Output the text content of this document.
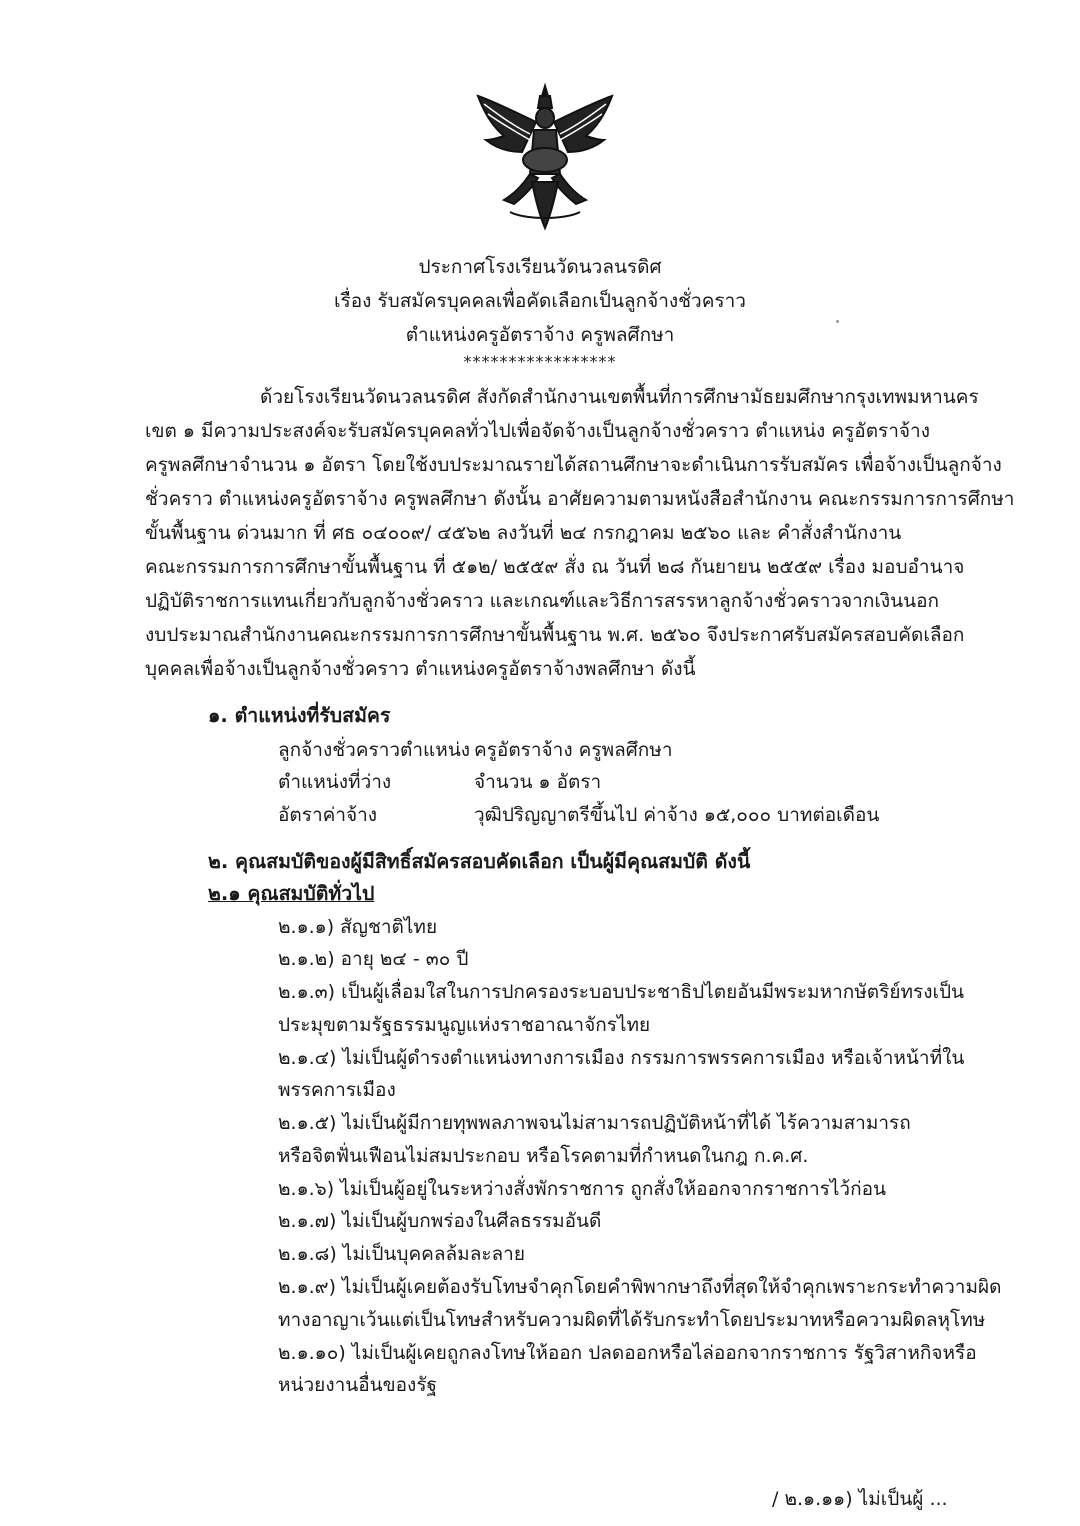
ประกาศโรงเรียนวัดนวลนรดิศ
เรื่อง รับสมัครบุคคลเพื่อคัดเลือกเป็นลูกจ้างชั่วคราว
ตำแหน่งครูอัตราจ้าง ครูพลศึกษา
*****************
ด้วยโรงเรียนวัดนวลนรดิศ สังกัดสำนักงานเขตพื้นที่การศึกษามัธยมศึกษากรุงเทพมหานคร
เขต ๑ มีความประสงค์จะรับสมัครบุคคลทั่วไปเพื่อจัดจ้างเป็นลูกจ้างชั่วคราว ตำแหน่ง ครูอัตราจ้าง
ครูพลศึกษาจำนวน ๑ อัตรา โดยใช้งบประมาณรายได้สถานศึกษาจะดำเนินการรับสมัคร เพื่อจ้างเป็นลูกจ้าง
ชั่วคราว ตำแหน่งครูอัตราจ้าง ครูพลศึกษา ดังนั้น อาศัยความตามหนังสือสำนักงาน คณะกรรมการการศึกษา
ขั้นพื้นฐาน ด่วนมาก ที่ ศธ ๐๔๐๐๙/ ๔๕๖๒ ลงวันที่ ๒๔ กรกฎาคม ๒๕๖๐ และ คำสั่งสำนักงาน
คณะกรรมการการศึกษาขั้นพื้นฐาน ที่ ๕๑๒/ ๒๕๕๙ สั่ง ณ วันที่ ๒๘ กันยายน ๒๕๕๙ เรื่อง มอบอำนาจ
ปฏิบัติราชการแทนเกี่ยวกับลูกจ้างชั่วคราว และเกณฑ์และวิธีการสรรหาลูกจ้างชั่วคราวจากเงินนอก
งบประมาณสำนักงานคณะกรรมการการศึกษาขั้นพื้นฐาน พ.ศ. ๒๕๖๐ จึงประกาศรับสมัครสอบคัดเลือก
บุคคลเพื่อจ้างเป็นลูกจ้างชั่วคราว ตำแหน่งครูอัตราจ้างพลศึกษา ดังนี้
๑. ตำแหน่งที่รับสมัคร
ลูกจ้างชั่วคราวตำแหน่ง ครูอัตราจ้าง ครูพลศึกษา
ตำแหน่งที่ว่าง	จำนวน ๑ อัตรา
อัตราค่าจ้าง	วุฒิปริญญาตรีขึ้นไป ค่าจ้าง ๑๕,๐๐๐ บาทต่อเดือน
๒. คุณสมบัติของผู้มีสิทธิ์สมัครสอบคัดเลือก เป็นผู้มีคุณสมบัติ ดังนี้
๒.๑ คุณสมบัติทั่วไป
๒.๑.๑) สัญชาติไทย
๒.๑.๒) อายุ ๒๔ - ๓๐ ปี
๒.๑.๓) เป็นผู้เลื่อมใสในการปกครองระบอบประชาธิปไตยอันมีพระมหากษัตริย์ทรงเป็น
ประมุขตามรัฐธรรมนูญแห่งราชอาณาจักรไทย
๒.๑.๔) ไม่เป็นผู้ดำรงตำแหน่งทางการเมือง กรรมการพรรคการเมือง หรือเจ้าหน้าที่ใน
พรรคการเมือง
๒.๑.๕) ไม่เป็นผู้มีกายทุพพลภาพจนไม่สามารถปฏิบัติหน้าที่ได้ ไร้ความสามารถ
หรือจิตฟั่นเฟือนไม่สมประกอบ หรือโรคตามที่กำหนดในกฎ ก.ค.ศ.
๒.๑.๖) ไม่เป็นผู้อยู่ในระหว่างสั่งพักราชการ ถูกสั่งให้ออกจากราชการไว้ก่อน
๒.๑.๗) ไม่เป็นผู้บกพร่องในศีลธรรมอันดี
๒.๑.๘) ไม่เป็นบุคคลล้มละลาย
๒.๑.๙) ไม่เป็นผู้เคยต้องรับโทษจำคุกโดยคำพิพากษาถึงที่สุดให้จำคุกเพราะกระทำความผิด
ทางอาญาเว้นแต่เป็นโทษสำหรับความผิดที่ได้รับกระทำโดยประมาทหรือความผิดลหุโทษ
๒.๑.๑๐) ไม่เป็นผู้เคยถูกลงโทษให้ออก ปลดออกหรือไล่ออกจากราชการ รัฐวิสาหกิจหรือ
หน่วยงานอื่นของรัฐ
/ ๒.๑.๑๑) ไม่เป็นผู้ ...
